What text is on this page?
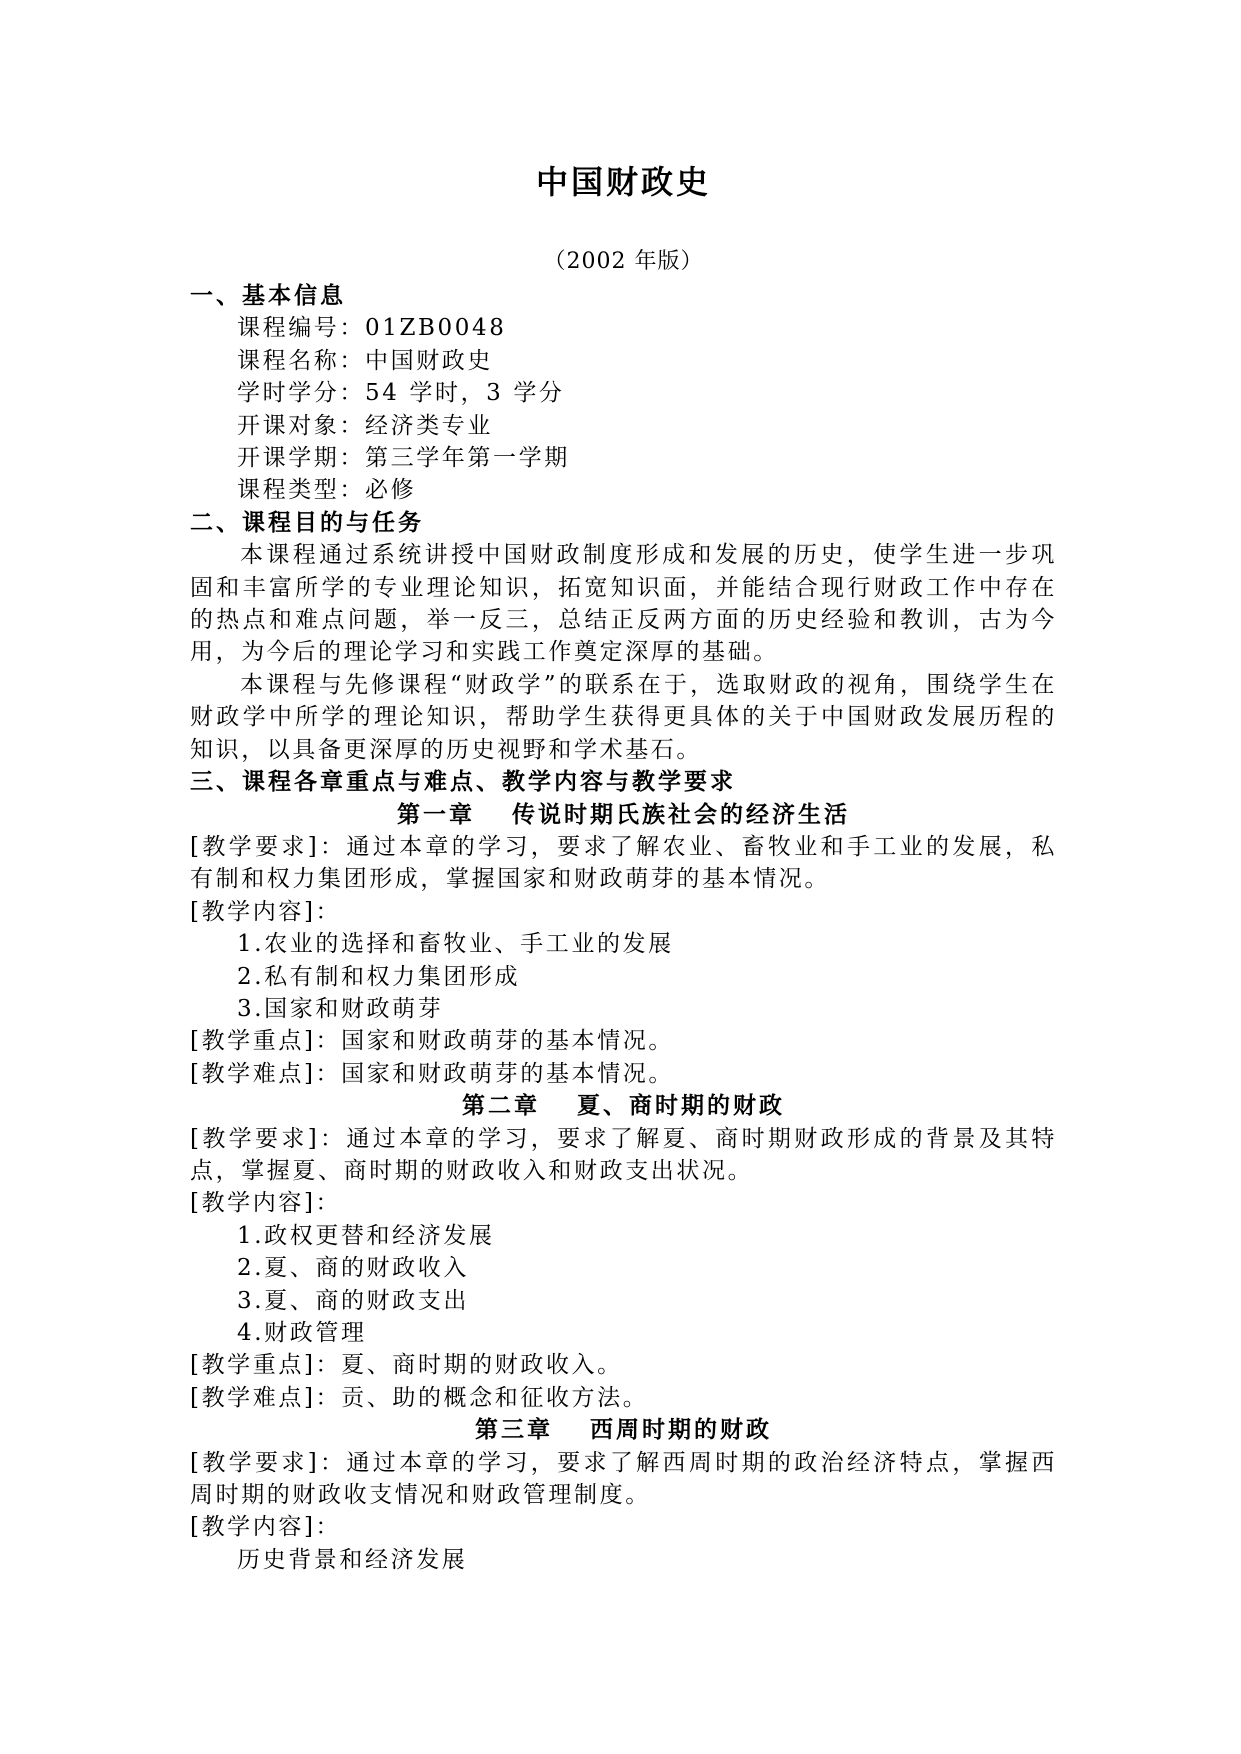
中国财政史
（2002 年版）
一、基本信息
课程编号：01ZB0048
课程名称：中国财政史
学时学分：54 学时，3 学分
开课对象：经济类专业
开课学期：第三学年第一学期
课程类型：必修
二、课程目的与任务

本课程通过系统讲授中国财政制度形成和发展的历史，使学生进一步巩固和丰富所学的专业理论知识，拓宽知识面，并能结合现行财政工作中存在的热点和难点问题，举一反三，总结正反两方面的历史经验和教训，古为今用，为今后的理论学习和实践工作奠定深厚的基础。

本课程与先修课程“财政学”的联系在于，选取财政的视角，围绕学生在财政学中所学的理论知识，帮助学生获得更具体的关于中国财政发展历程的知识，以具备更深厚的历史视野和学术基石。

三、课程各章重点与难点、教学内容与教学要求
第一章　 传说时期氏族社会的经济生活

[教学要求]：通过本章的学习，要求了解农业、畜牧业和手工业的发展，私有制和权力集团形成，掌握国家和财政萌芽的基本情况。

[教学内容]：
1.农业的选择和畜牧业、手工业的发展
2.私有制和权力集团形成
3.国家和财政萌芽
[教学重点]：国家和财政萌芽的基本情况。
[教学难点]：国家和财政萌芽的基本情况。
第二章　 夏、商时期的财政

[教学要求]：通过本章的学习，要求了解夏、商时期财政形成的背景及其特点，掌握夏、商时期的财政收入和财政支出状况。

[教学内容]：
1.政权更替和经济发展
2.夏、商的财政收入
3.夏、商的财政支出
4.财政管理
[教学重点]：夏、商时期的财政收入。
[教学难点]：贡、助的概念和征收方法。
第三章　 西周时期的财政

[教学要求]：通过本章的学习，要求了解西周时期的政治经济特点，掌握西周时期的财政收支情况和财政管理制度。

[教学内容]：
历史背景和经济发展
